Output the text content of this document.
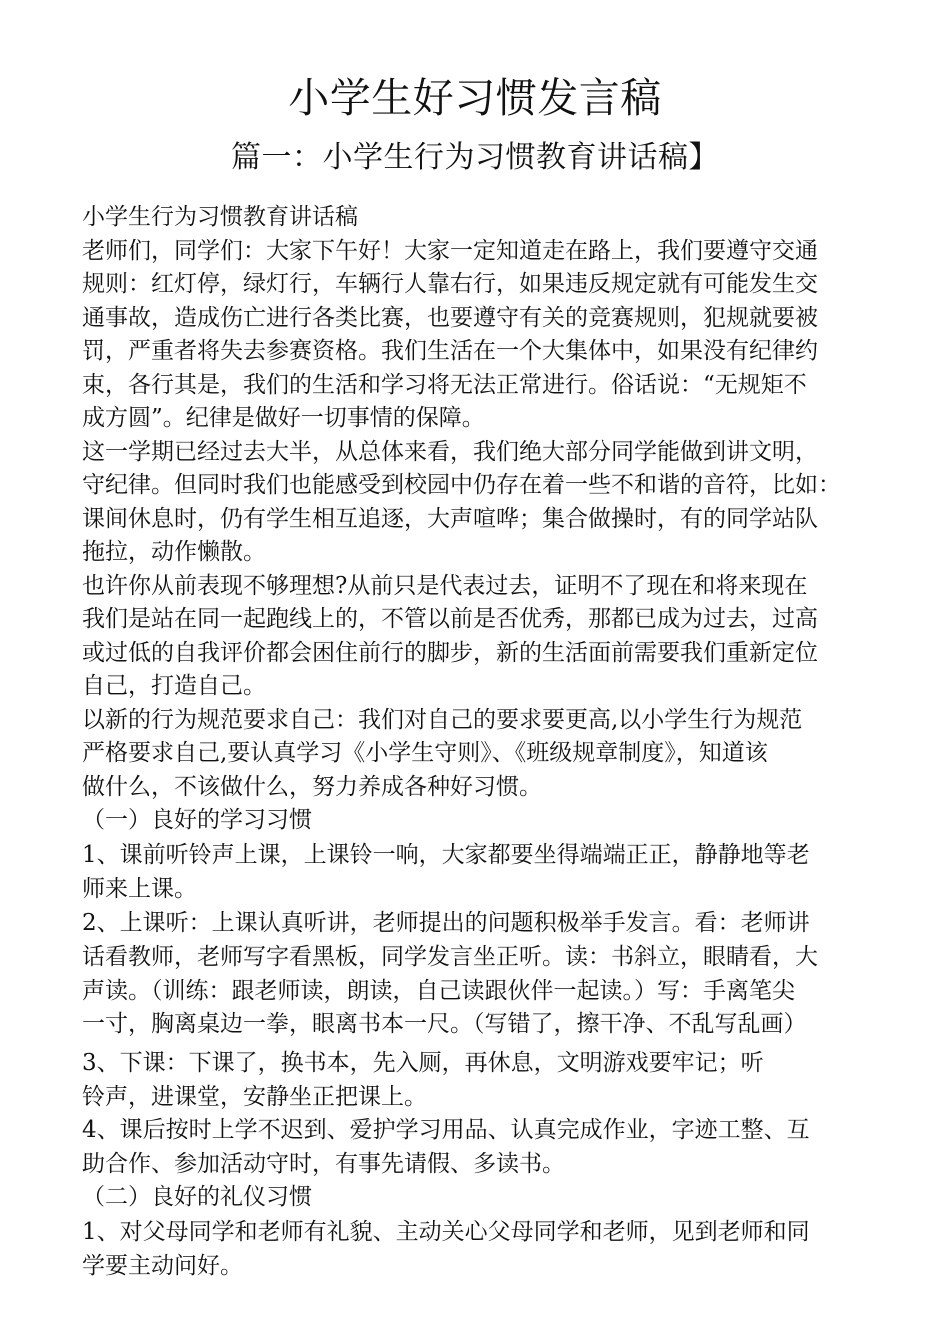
小学生好习惯发言稿
篇一：小学生行为习惯教育讲话稿】
小学生行为习惯教育讲话稿
老师们，同学们：大家下午好！大家一定知道走在路上，我们要遵守交通
规则：红灯停，绿灯行，车辆行人靠右行，如果违反规定就有可能发生交
通事故，造成伤亡进行各类比赛，也要遵守有关的竞赛规则，犯规就要被
罚，严重者将失去参赛资格。我们生活在一个大集体中，如果没有纪律约
束，各行其是，我们的生活和学习将无法正常进行。俗话说：“无规矩不
成方圆”。纪律是做好一切事情的保障。
这一学期已经过去大半，从总体来看，我们绝大部分同学能做到讲文明，
守纪律。但同时我们也能感受到校园中仍存在着一些不和谐的音符，比如：
课间休息时，仍有学生相互追逐，大声喧哗；集合做操时，有的同学站队
拖拉，动作懒散。
也许你从前表现不够理想?从前只是代表过去，证明不了现在和将来现在
我们是站在同一起跑线上的，不管以前是否优秀，那都已成为过去，过高
或过低的自我评价都会困住前行的脚步，新的生活面前需要我们重新定位
自己，打造自己。
以新的行为规范要求自己：我们对自己的要求要更高,以小学生行为规范
严格要求自己,要认真学习《小学生守则》、《班级规章制度》，知道该
做什么，不该做什么，努力养成各种好习惯。
（一）良好的学习习惯
1、课前听铃声上课，上课铃一响，大家都要坐得端端正正，静静地等老
师来上课。
2、上课听：上课认真听讲，老师提出的问题积极举手发言。看：老师讲
话看教师，老师写字看黑板，同学发言坐正听。读：书斜立，眼睛看，大
声读。（训练：跟老师读，朗读，自己读跟伙伴一起读。）写：手离笔尖
一寸，胸离桌边一拳，眼离书本一尺。（写错了，擦干净、不乱写乱画）
3、下课：下课了，换书本，先入厕，再休息，文明游戏要牢记；听
铃声，进课堂，安静坐正把课上。
4、课后按时上学不迟到、爱护学习用品、认真完成作业，字迹工整、互
助合作、参加活动守时，有事先请假、多读书。
（二）良好的礼仪习惯
1、对父母同学和老师有礼貌、主动关心父母同学和老师，见到老师和同
学要主动问好。
